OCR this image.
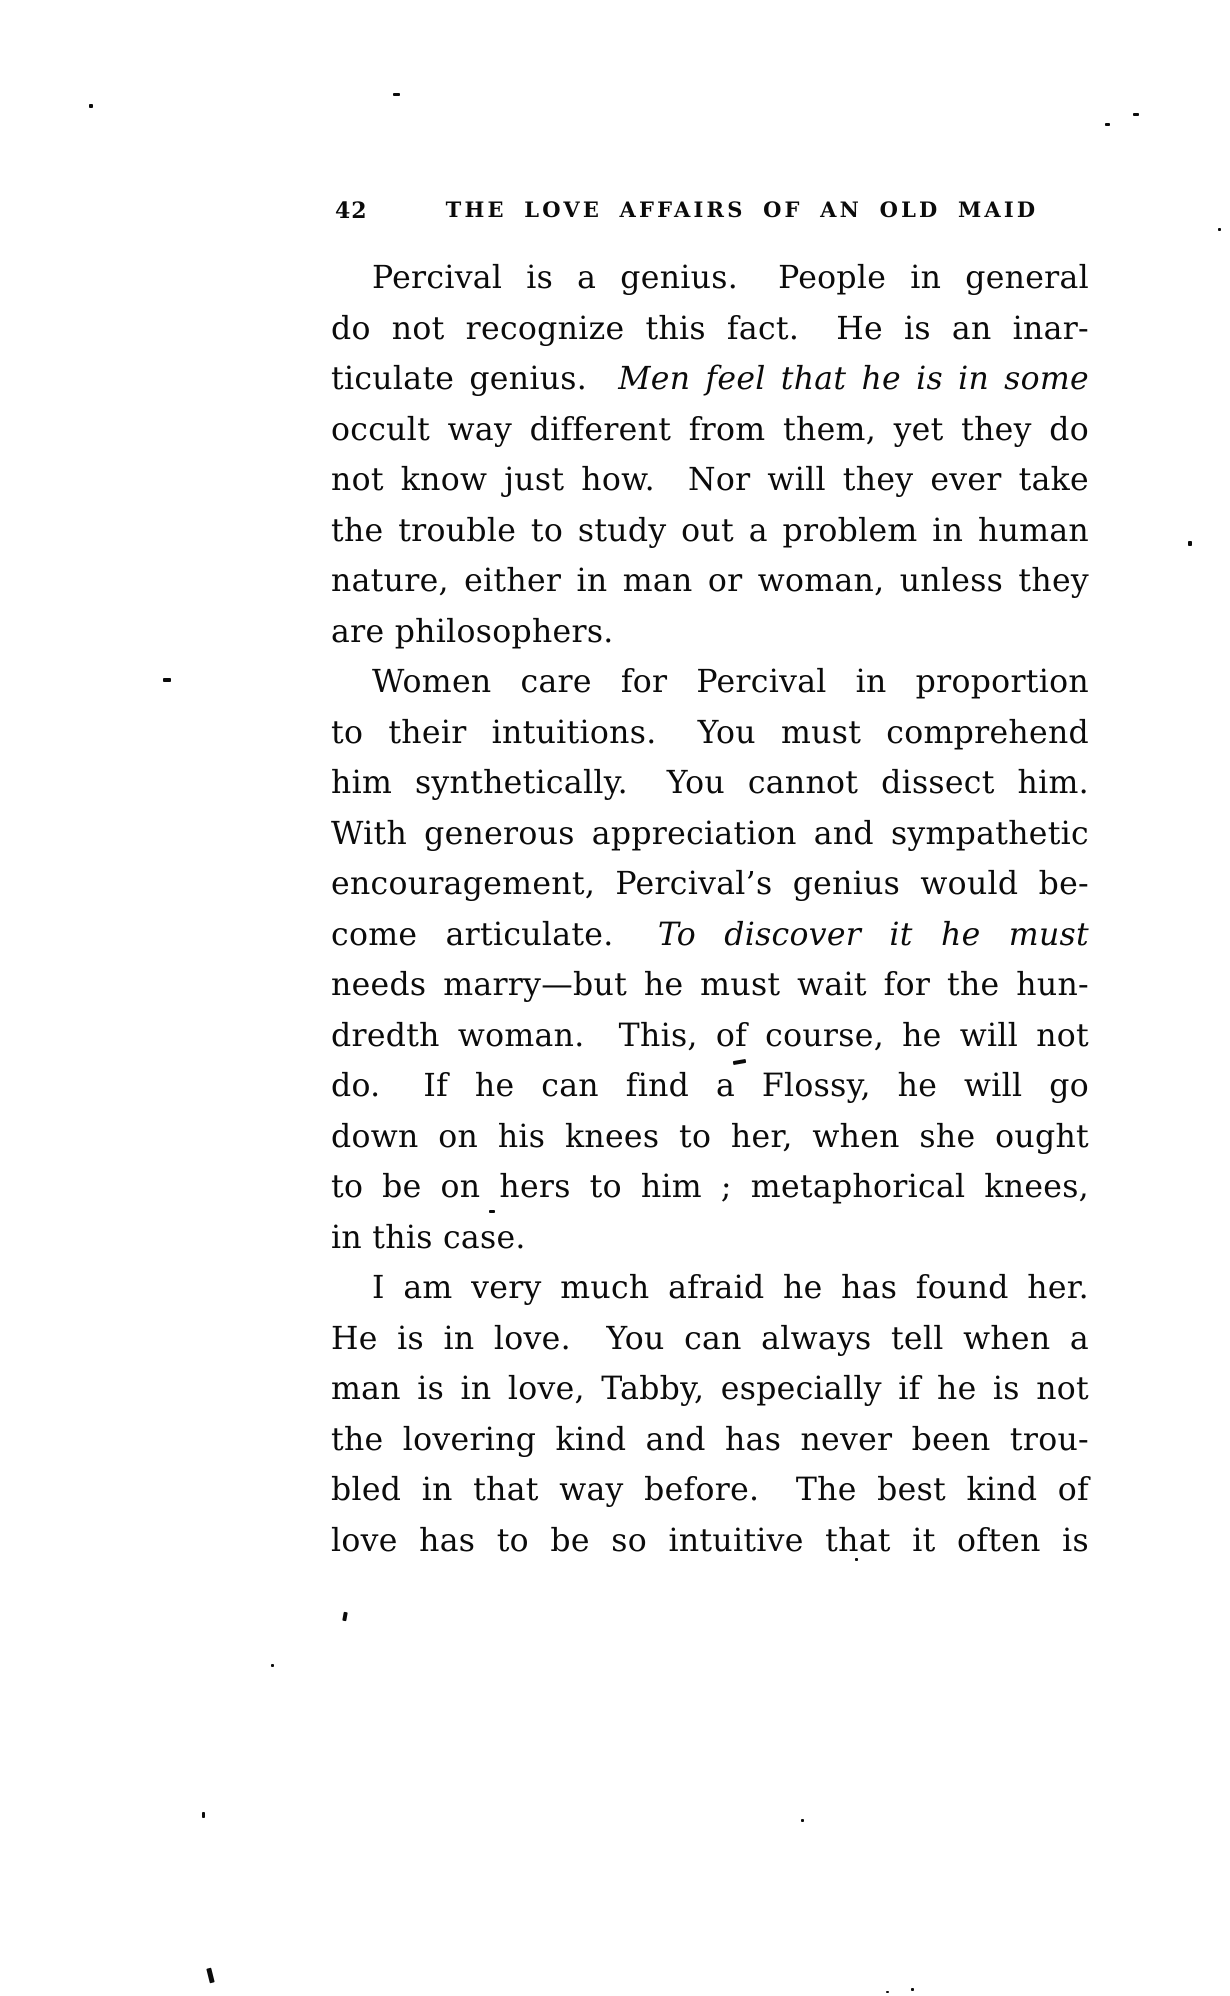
42	THE LOVE AFFAIRS OF AN OLD MAID
Percival is a genius.  People in general
do not recognize this fact.  He is an inar-
ticulate genius.  Men feel that he is in some
occult way different from them, yet they do
not know just how.  Nor will they ever take
the trouble to study out a problem in human
nature, either in man or woman, unless they
are philosophers.
Women care for Percival in proportion
to their intuitions.  You must comprehend
him synthetically.  You cannot dissect him.
With generous appreciation and sympathetic
encouragement, Percival’s genius would be-
come articulate.  To discover it he must
needs marry—but he must wait for the hun-
dredth woman.  This, of course, he will not
do.  If he can find a Flossy, he will go
down on his knees to her, when she ought
to be on hers to him ; metaphorical knees,
in this case.
I am very much afraid he has found her.
He is in love.  You can always tell when a
man is in love, Tabby, especially if he is not
the lovering kind and has never been trou-
bled in that way before.  The best kind of
love has to be so intuitive that it often is
